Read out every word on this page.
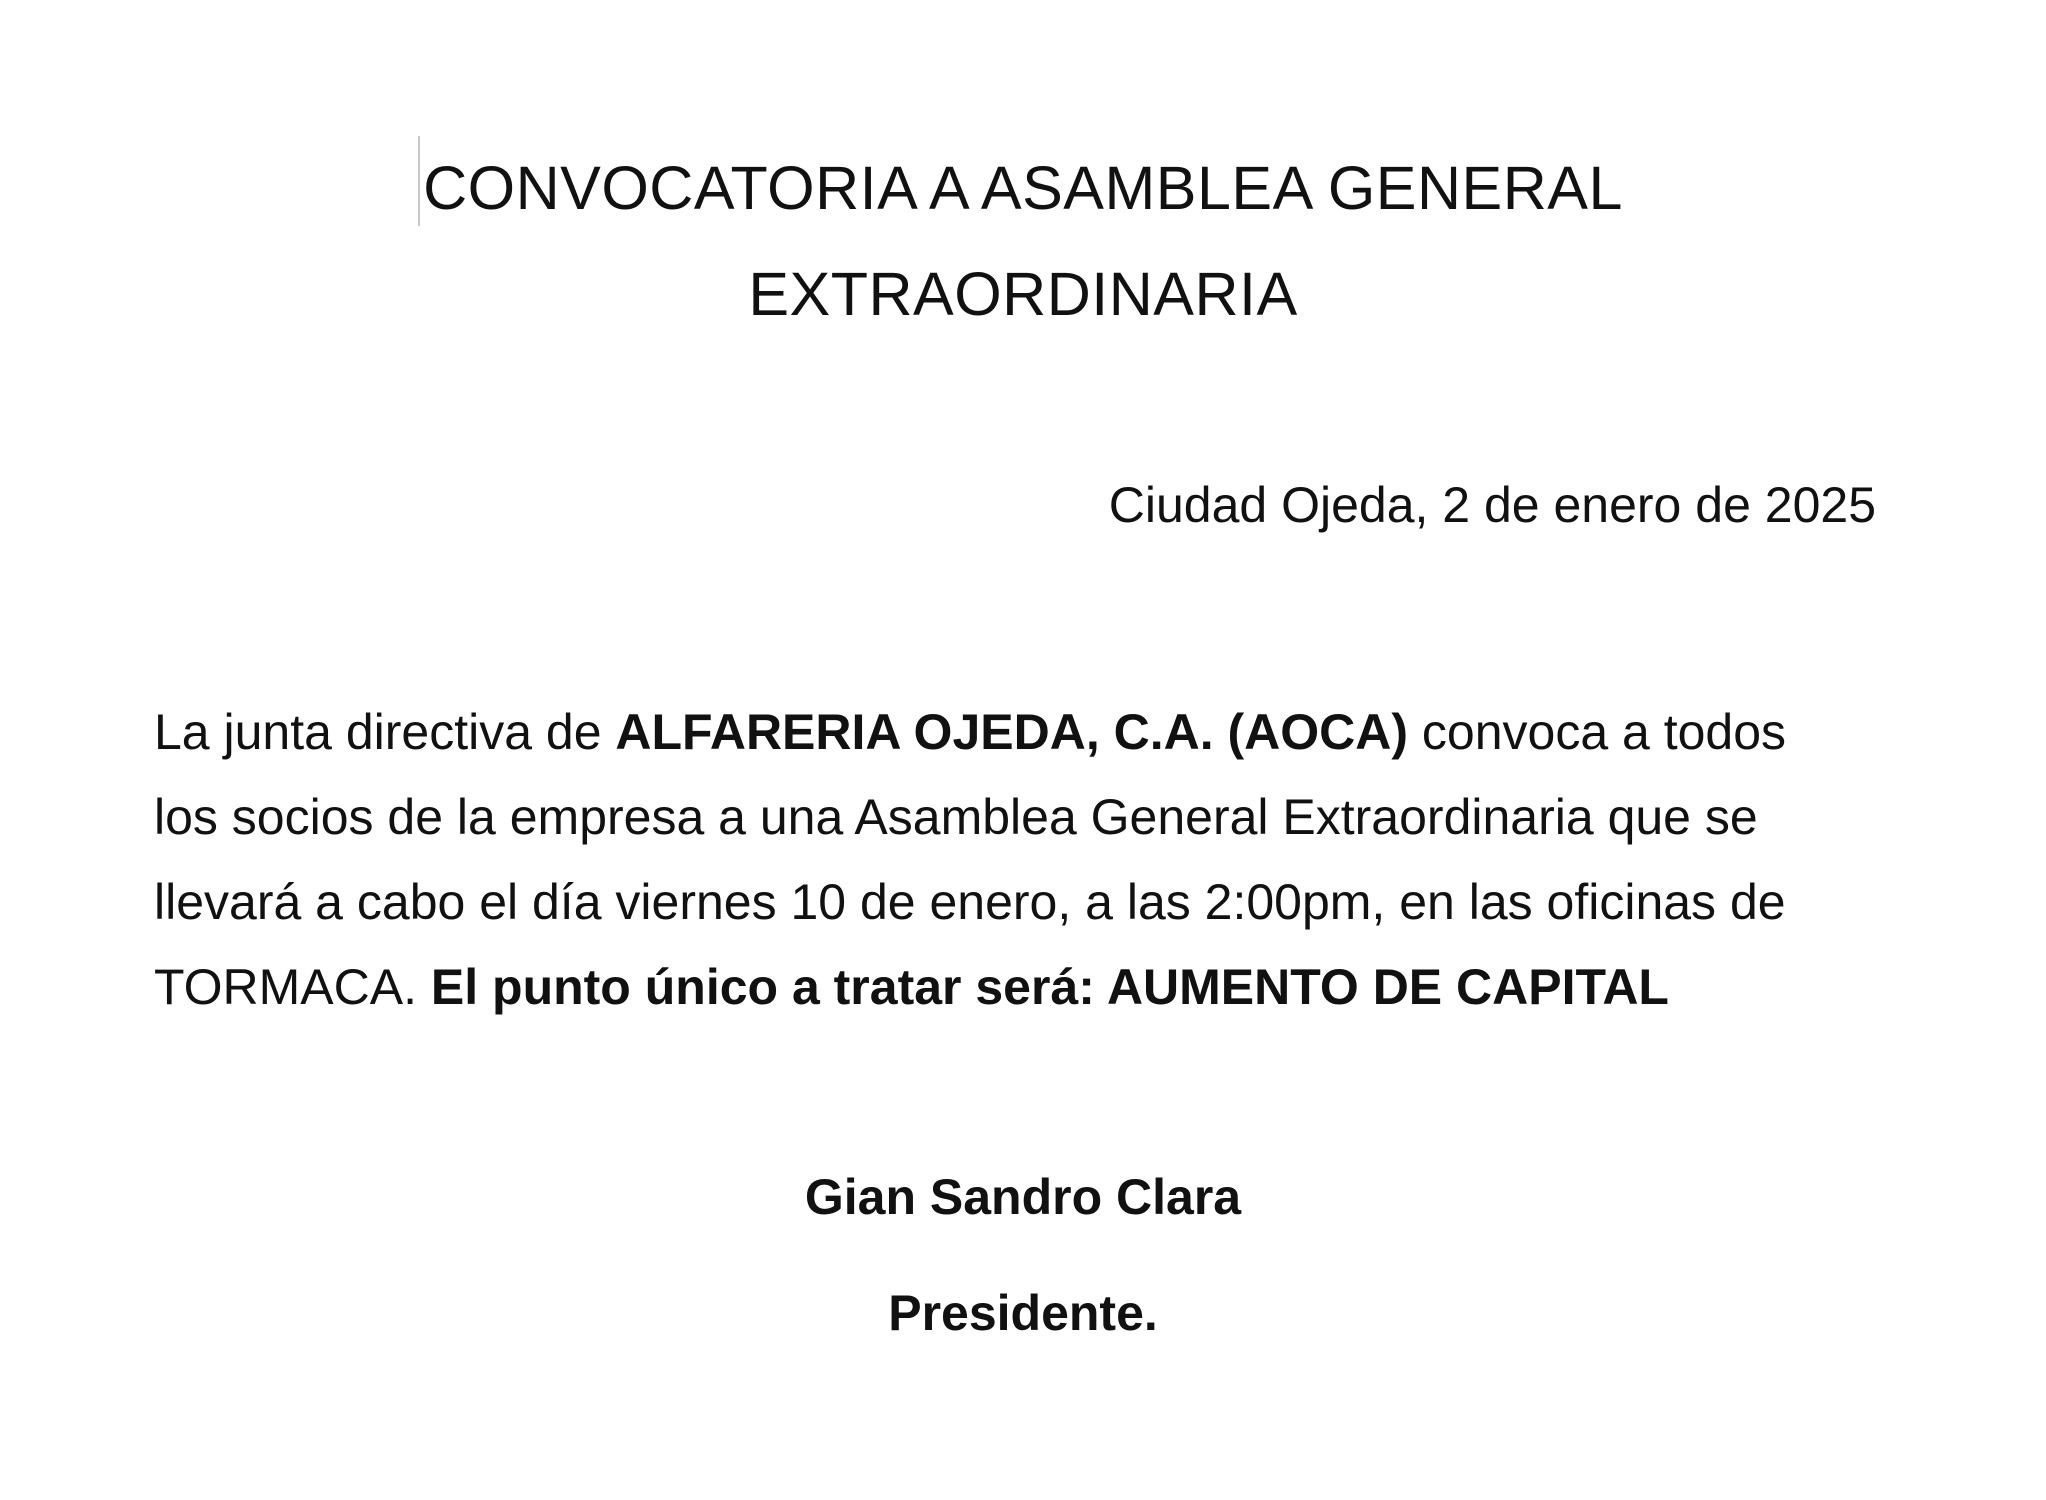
CONVOCATORIA A ASAMBLEA GENERAL
EXTRAORDINARIA
Ciudad Ojeda, 2 de enero de 2025
La junta directiva de ALFARERIA OJEDA, C.A. (AOCA) convoca a todos
los socios de la empresa a una Asamblea General Extraordinaria que se
llevará a cabo el día viernes 10 de enero, a las 2:00pm, en las oficinas de
TORMACA. El punto único a tratar será: AUMENTO DE CAPITAL
Gian Sandro Clara
Presidente.
